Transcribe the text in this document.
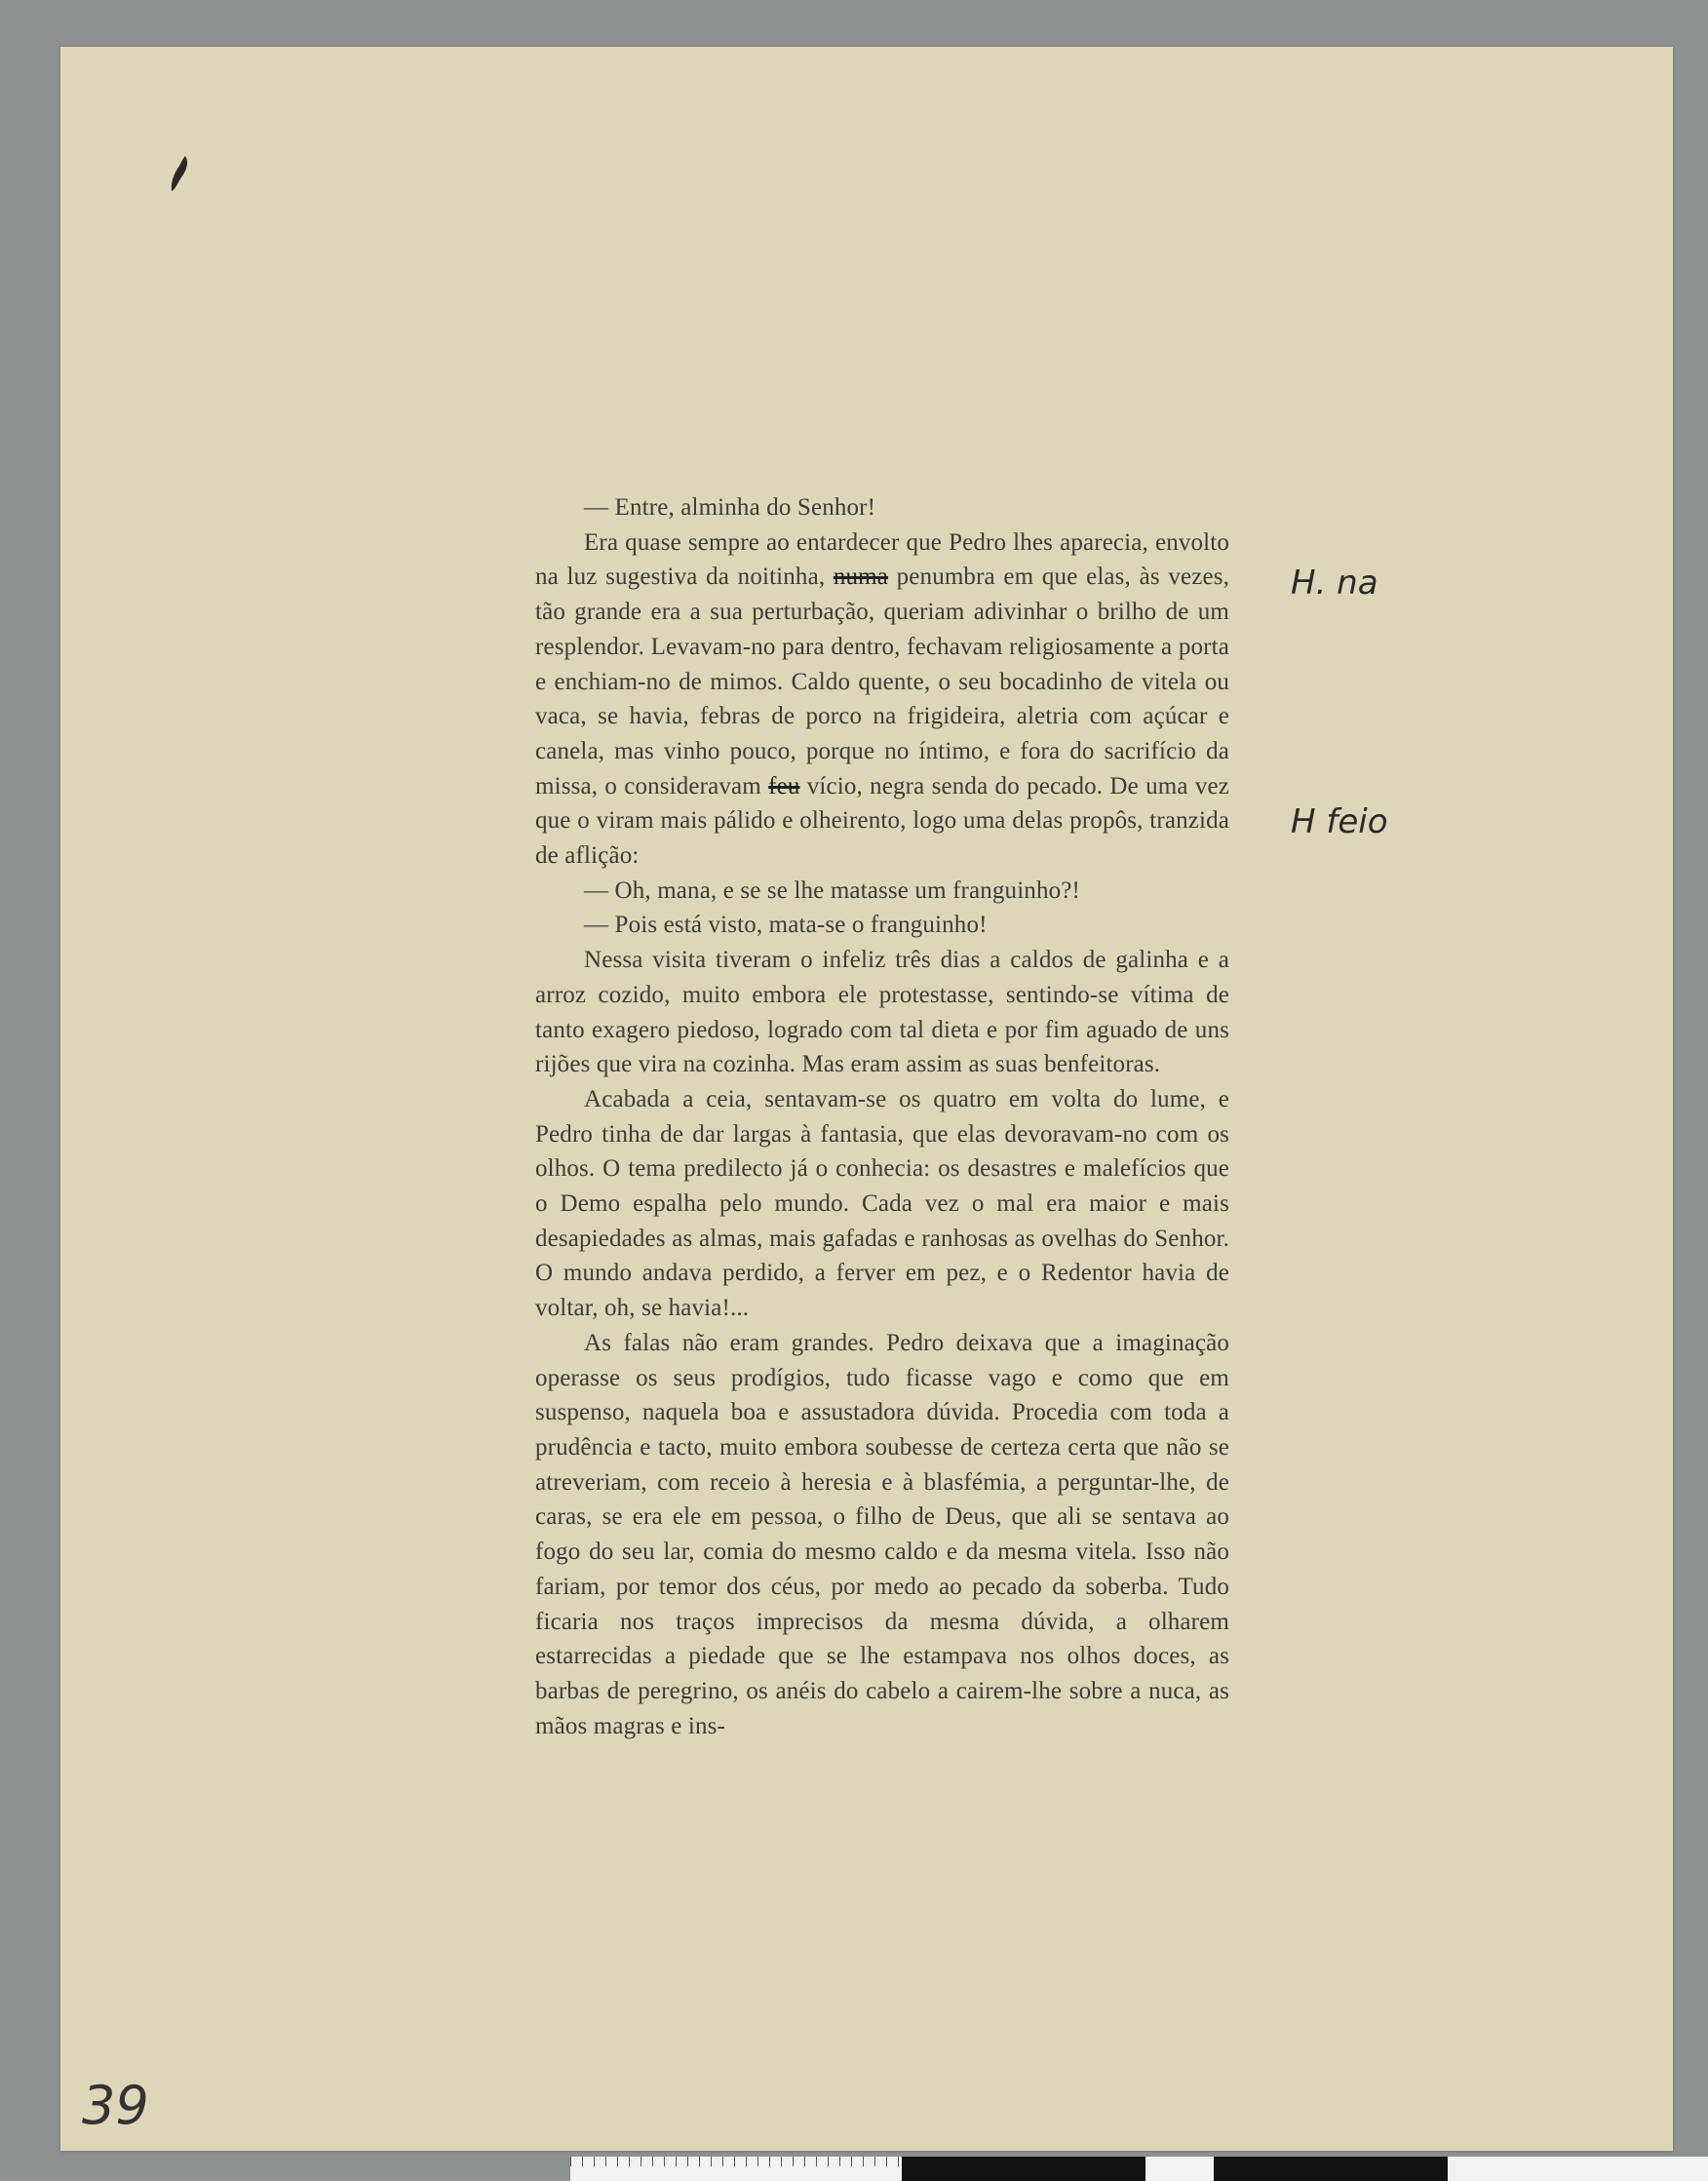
— Entre, alminha do Senhor!

Era quase sempre ao entardecer que Pedro lhes aparecia, envolto na luz sugestiva da noitinha, numa penumbra em que elas, às vezes, tão grande era a sua perturbação, queriam adivinhar o brilho de um resplendor. Levavam-no para dentro, fechavam religiosamente a porta e enchiam-no de mimos. Caldo quente, o seu bocadinho de vitela ou vaca, se havia, febras de porco na frigideira, aletria com açúcar e canela, mas vinho pouco, porque no íntimo, e fora do sacrifício da missa, o consideravam feu vício, negra senda do pecado. De uma vez que o viram mais pálido e olheirento, logo uma delas propôs, tranzida de aflição:

— Oh, mana, e se se lhe matasse um franguinho?!

— Pois está visto, mata-se o franguinho!

Nessa visita tiveram o infeliz três dias a caldos de galinha e a arroz cozido, muito embora ele protestasse, sentindo-se vítima de tanto exagero piedoso, logrado com tal dieta e por fim aguado de uns rijões que vira na cozinha. Mas eram assim as suas benfeitoras.

Acabada a ceia, sentavam-se os quatro em volta do lume, e Pedro tinha de dar largas à fantasia, que elas devoravam-no com os olhos. O tema predilecto já o conhecia: os desastres e malefícios que o Demo espalha pelo mundo. Cada vez o mal era maior e mais desapiedades as almas, mais gafadas e ranhosas as ovelhas do Senhor. O mundo andava perdido, a ferver em pez, e o Redentor havia de voltar, oh, se havia!...

As falas não eram grandes. Pedro deixava que a imaginação operasse os seus prodígios, tudo ficasse vago e como que em suspenso, naquela boa e assustadora dúvida. Procedia com toda a prudência e tacto, muito embora soubesse de certeza certa que não se atreveriam, com receio à heresia e à blasfémia, a perguntar-lhe, de caras, se era ele em pessoa, o filho de Deus, que ali se sentava ao fogo do seu lar, comia do mesmo caldo e da mesma vitela. Isso não fariam, por temor dos céus, por medo ao pecado da soberba. Tudo ficaria nos traços imprecisos da mesma dúvida, a olharem estarrecidas a piedade que se lhe estampava nos olhos doces, as barbas de peregrino, os anéis do cabelo a cairem-lhe sobre a nuca, as mãos magras e ins-

H. na
H feio
39
